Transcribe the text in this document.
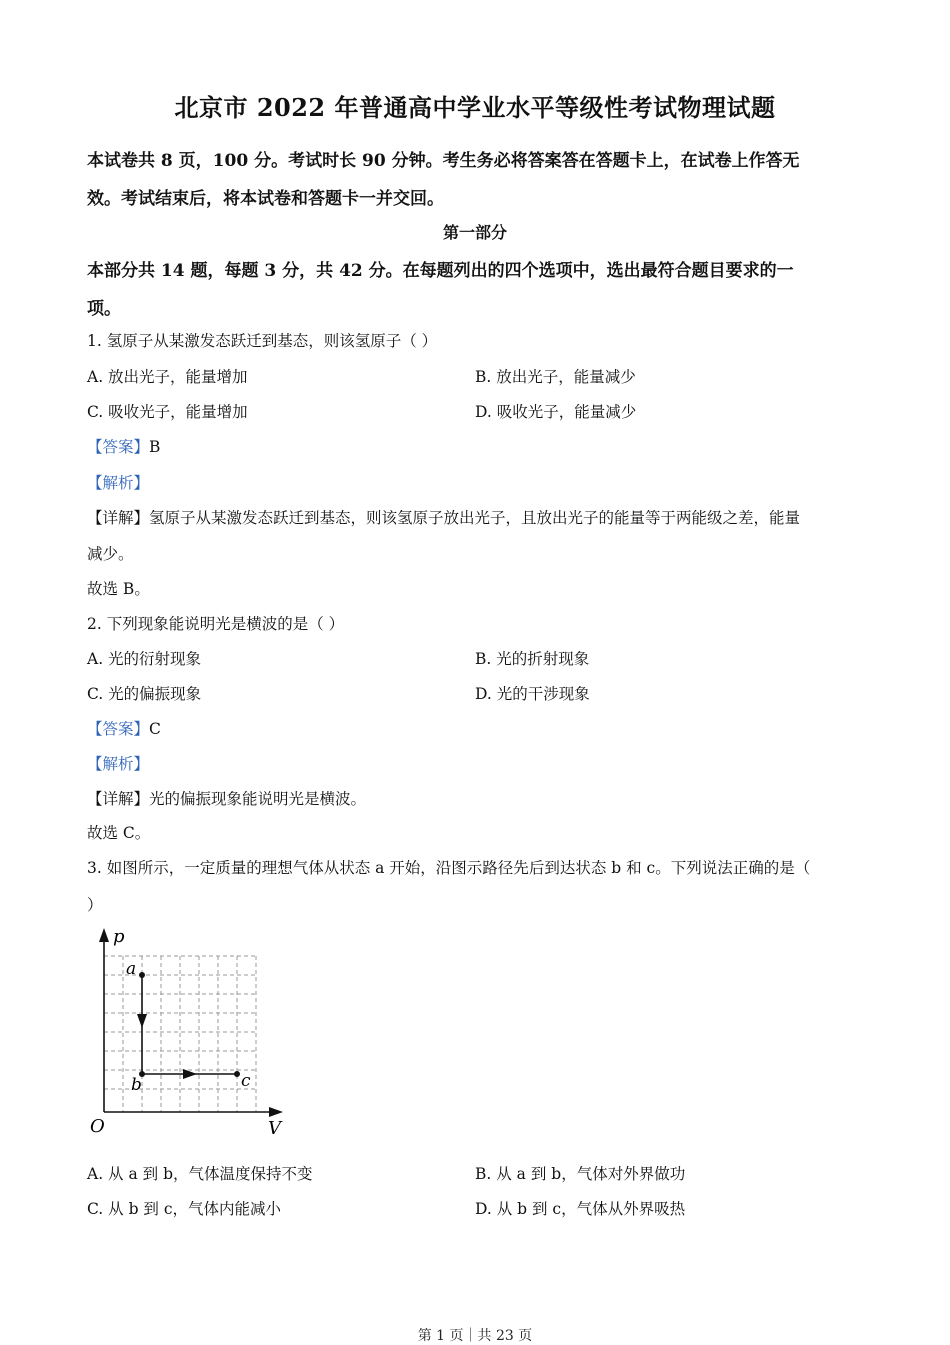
北京市 2022 年普通高中学业水平等级性考试物理试题
本试卷共 8 页，100 分。考试时长 90 分钟。考生务必将答案答在答题卡上，在试卷上作答无
效。考试结束后，将本试卷和答题卡一并交回。
第一部分
本部分共 14 题，每题 3 分，共 42 分。在每题列出的四个选项中，选出最符合题目要求的一
项。
1. 氢原子从某激发态跃迁到基态，则该氢原子（ ）
A. 放出光子，能量增加	B. 放出光子，能量减少
C. 吸收光子，能量增加	D. 吸收光子，能量减少
【答案】B
【解析】
【详解】氢原子从某激发态跃迁到基态，则该氢原子放出光子，且放出光子的能量等于两能级之差，能量
减少。
故选 B。
2. 下列现象能说明光是横波的是（ ）
A. 光的衍射现象	B. 光的折射现象
C. 光的偏振现象	D. 光的干涉现象
【答案】C
【解析】
【详解】光的偏振现象能说明光是横波。
故选 C。
3. 如图所示，一定质量的理想气体从状态 a 开始，沿图示路径先后到达状态 b 和 c。下列说法正确的是（
）
p
V
O
a
b	c
A. 从 a 到 b，气体温度保持不变	B. 从 a 到 b，气体对外界做功
C. 从 b 到 c，气体内能减小	D. 从 b 到 c，气体从外界吸热
第 1 页｜共 23 页
